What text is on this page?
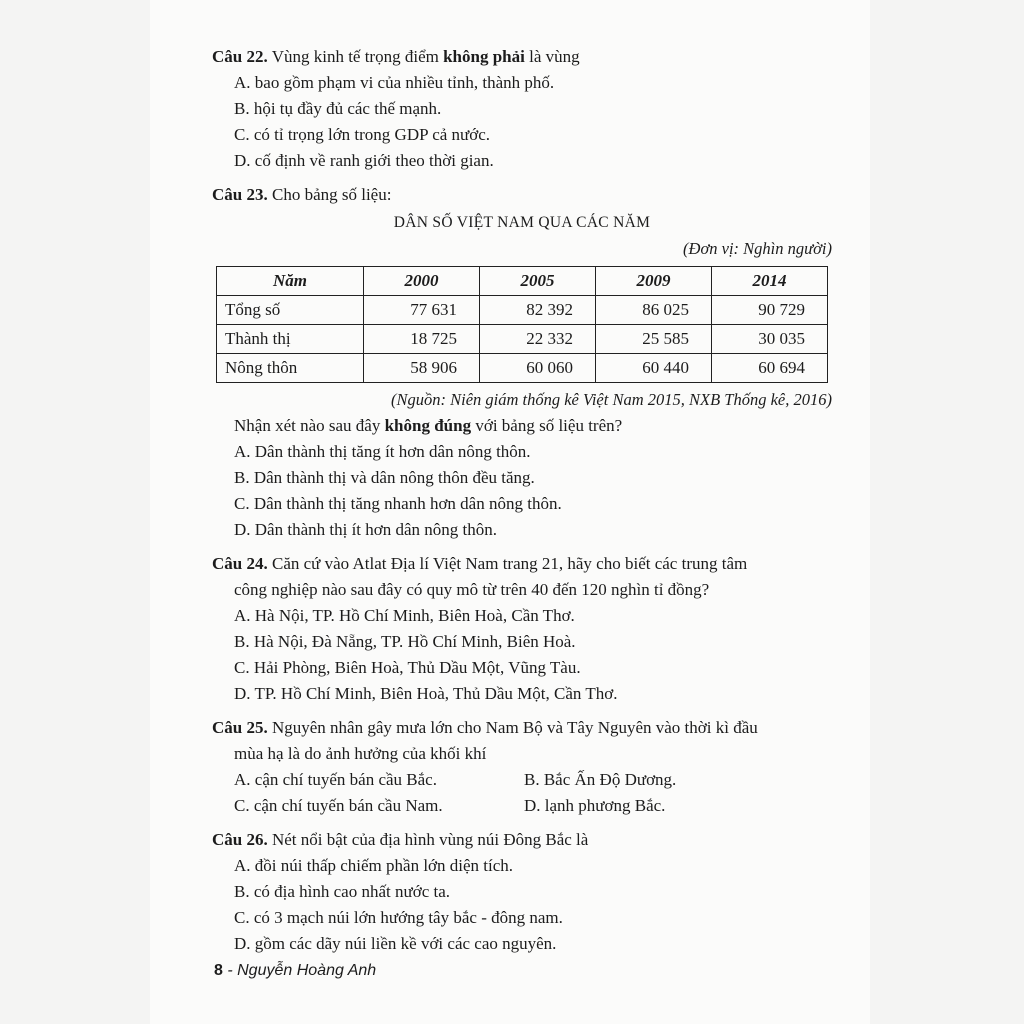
Câu 22. Vùng kinh tế trọng điểm không phải là vùng

A. bao gồm phạm vi của nhiều tỉnh, thành phố.
B. hội tụ đầy đủ các thế mạnh.
C. có tỉ trọng lớn trong GDP cả nước.
D. cố định về ranh giới theo thời gian.

Câu 23. Cho bảng số liệu:

DÂN SỐ VIỆT NAM QUA CÁC NĂM
(Đơn vị: Nghìn người)
Năm	2000	2005	2009	2014
Tổng số	77 631	82 392	86 025	90 729
Thành thị	18 725	22 332	25 585	30 035
Nông thôn	58 906	60 060	60 440	60 694
(Nguồn: Niên giám thống kê Việt Nam 2015, NXB Thống kê, 2016)
Nhận xét nào sau đây không đúng với bảng số liệu trên?
A. Dân thành thị tăng ít hơn dân nông thôn.
B. Dân thành thị và dân nông thôn đều tăng.
C. Dân thành thị tăng nhanh hơn dân nông thôn.
D. Dân thành thị ít hơn dân nông thôn.

Câu 24. Căn cứ vào Atlat Địa lí Việt Nam trang 21, hãy cho biết các trung tâm

công nghiệp nào sau đây có quy mô từ trên 40 đến 120 nghìn tỉ đồng?
A. Hà Nội, TP. Hồ Chí Minh, Biên Hoà, Cần Thơ.
B. Hà Nội, Đà Nẵng, TP. Hồ Chí Minh, Biên Hoà.
C. Hải Phòng, Biên Hoà, Thủ Dầu Một, Vũng Tàu.
D. TP. Hồ Chí Minh, Biên Hoà, Thủ Dầu Một, Cần Thơ.

Câu 25. Nguyên nhân gây mưa lớn cho Nam Bộ và Tây Nguyên vào thời kì đầu

mùa hạ là do ảnh hưởng của khối khí
A. cận chí tuyến bán cầu Bắc.	B. Bắc Ấn Độ Dương.
C. cận chí tuyến bán cầu Nam.	D. lạnh phương Bắc.

Câu 26. Nét nổi bật của địa hình vùng núi Đông Bắc là

A. đồi núi thấp chiếm phần lớn diện tích.
B. có địa hình cao nhất nước ta.
C. có 3 mạch núi lớn hướng tây bắc - đông nam.
D. gồm các dãy núi liền kề với các cao nguyên.
8 - Nguyễn Hoàng Anh
